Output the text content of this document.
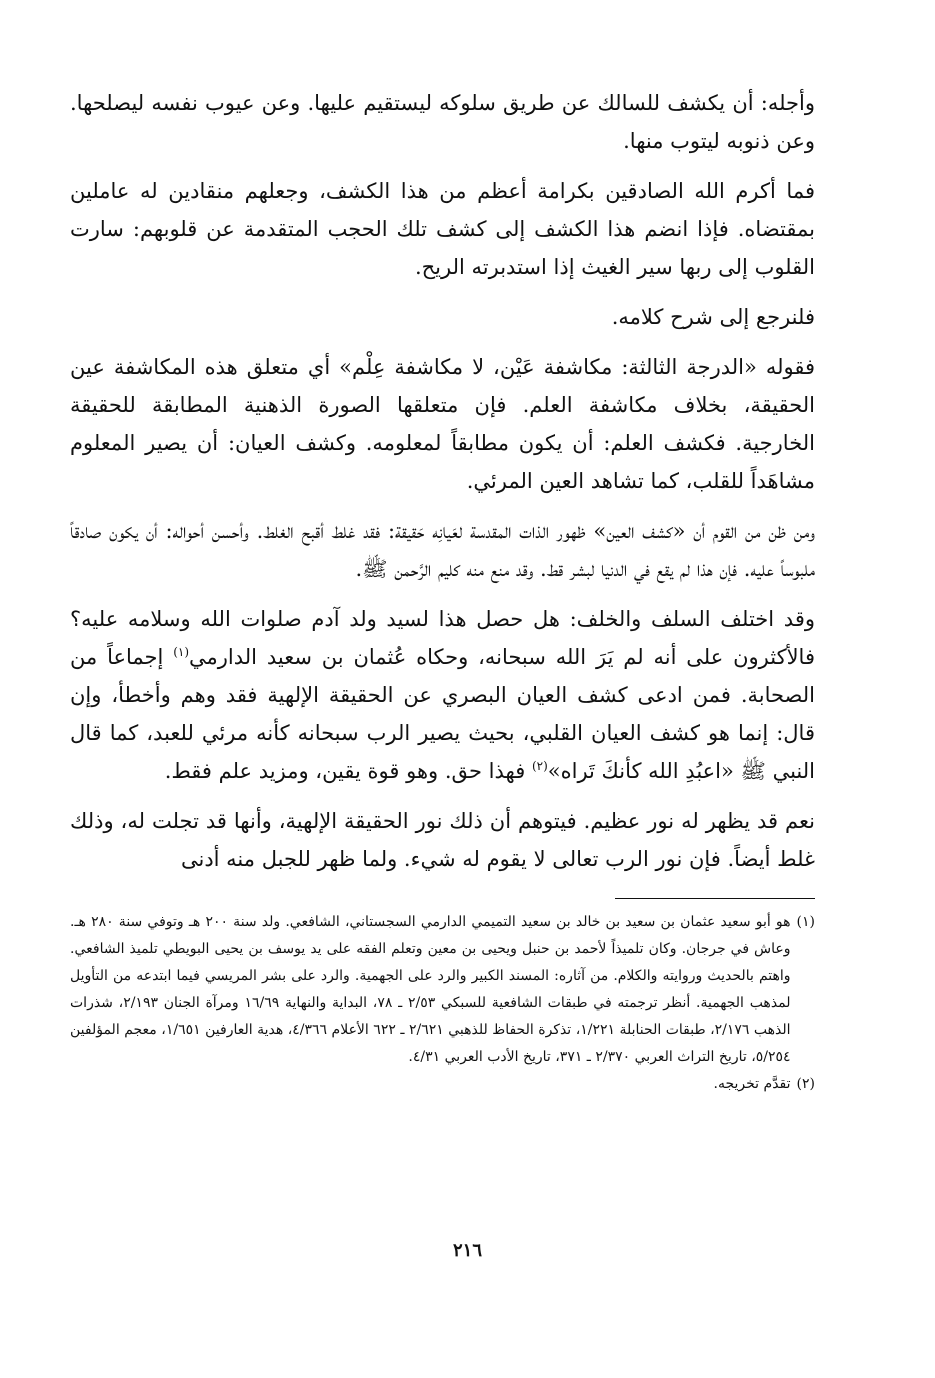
وأجله: أن يكشف للسالك عن طريق سلوكه ليستقيم عليها. وعن عيوب نفسه ليصلحها. وعن ذنوبه ليتوب منها.

فما أكرم الله الصادقين بكرامة أعظم من هذا الكشف، وجعلهم منقادين له عاملين بمقتضاه. فإذا انضم هذا الكشف إلى كشف تلك الحجب المتقدمة عن قلوبهم: سارت القلوب إلى ربها سير الغيث إذا استدبرته الريح.

فلنرجع إلى شرح كلامه.

فقوله «الدرجة الثالثة: مكاشفة عَيْن، لا مكاشفة عِلْم» أي متعلق هذه المكاشفة عين الحقيقة، بخلاف مكاشفة العلم. فإن متعلقها الصورة الذهنية المطابقة للحقيقة الخارجية. فكشف العلم: أن يكون مطابقاً لمعلومه. وكشف العيان: أن يصير المعلوم مشاهَداً للقلب، كما تشاهد العين المرئي.

ومن ظن من القوم أن «كشف العين» ظهور الذات المقدسة لعَيانِه حَقيقة: فقد غلط أقبح الغلط. وأحسن أحواله: أن يكون صادقاً ملبوساً عليه. فإن هذا لم يقع في الدنيا لبشر قط. وقد منع منه كليم الرَّحمن ﷺ.

وقد اختلف السلف والخلف: هل حصل هذا لسيد ولد آدم صلوات الله وسلامه عليه؟ فالأكثرون على أنه لم يَرَ الله سبحانه، وحكاه عُثمان بن سعيد الدارمي$^{(١)}$ إجماعاً من الصحابة. فمن ادعى كشف العيان البصري عن الحقيقة الإلهية فقد وهم وأخطأ، وإن قال: إنما هو كشف العيان القلبي، بحيث يصير الرب سبحانه كأنه مرئي للعبد، كما قال النبي ﷺ «اعبُدِ الله كأنكَ تَراه»$^{(٢)}$ فهذا حق. وهو قوة يقين، ومزيد علم فقط.

نعم قد يظهر له نور عظيم. فيتوهم أن ذلك نور الحقيقة الإلهية، وأنها قد تجلت له، وذلك غلط أيضاً. فإن نور الرب تعالى لا يقوم له شيء. ولما ظهر للجبل منه أدنى

(١)
هو أبو سعيد عثمان بن سعيد بن خالد بن سعيد التميمي الدارمي السجستاني، الشافعي. ولد سنة ٢٠٠ هـ وتوفي سنة ٢٨٠ هـ. وعاش في جرجان. وكان تلميذاً لأحمد بن حنبل ويحيى بن معين وتعلم الفقه على يد يوسف بن يحيى البويطي تلميذ الشافعي. واهتم بالحديث وروايته والكلام. من آثاره: المسند الكبير والرد على الجهمية. والرد على بشر المريسي فيما ابتدعه من التأويل لمذهب الجهمية. أنظر ترجمته في طبقات الشافعية للسبكي ٢/٥٣ ـ ٧٨، البداية والنهاية ١٦/٦٩ ومرآة الجنان ٢/١٩٣، شذرات الذهب ٢/١٧٦، طبقات الحنابلة ١/٢٢١، تذكرة الحفاظ للذهبي ٢/٦٢١ ـ ٦٢٢ الأعلام ٤/٣٦٦، هدية العارفين ١/٦٥١، معجم المؤلفين ٥/٢٥٤، تاريخ التراث العربي ٢/٣٧٠ ـ ٣٧١، تاريخ الأدب العربي ٤/٣١.
(٢)
تقدَّم تخريجه.
٢١٦
